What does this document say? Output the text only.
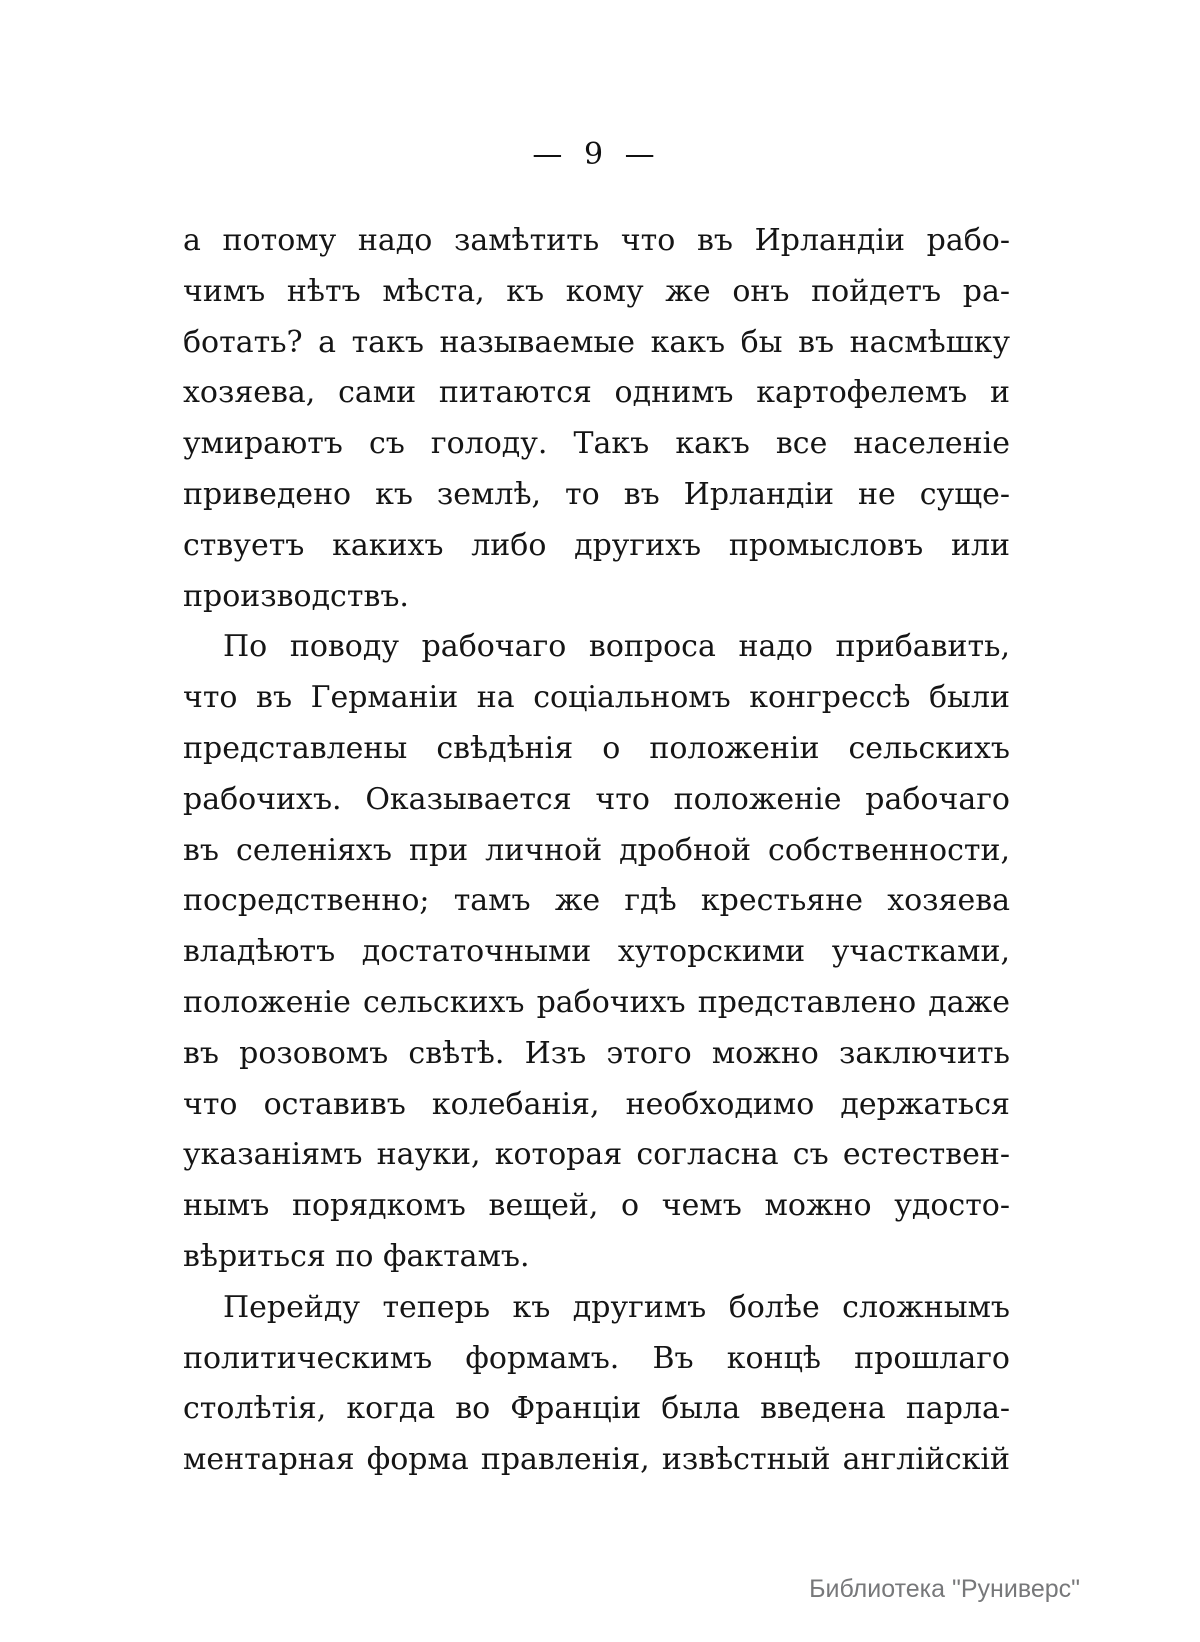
— 9 —
а потому надо замѣтить что въ Ирландіи рабо-
чимъ нѣтъ мѣста, къ кому же онъ пойдетъ ра-
ботать? а такъ называемые какъ бы въ насмѣшку
хозяева, сами питаются однимъ картофелемъ и
умираютъ съ голоду. Такъ какъ все населеніе
приведено къ землѣ, то въ Ирландіи не суще-
ствуетъ какихъ либо другихъ промысловъ или
производствъ.
По поводу рабочаго вопроса надо прибавить,
что въ Германіи на соціальномъ конгрессѣ были
представлены свѣдѣнія о положеніи сельскихъ
рабочихъ. Оказывается что положеніе рабочаго
въ селеніяхъ при личной дробной собственности,
посредственно; тамъ же гдѣ крестьяне хозяева
владѣютъ достаточными хуторскими участками,
положеніе сельскихъ рабочихъ представлено даже
въ розовомъ свѣтѣ. Изъ этого можно заключить
что оставивъ колебанія, необходимо держаться
указаніямъ науки, которая согласна съ естествен-
нымъ порядкомъ вещей, о чемъ можно удосто-
вѣриться по фактамъ.
Перейду теперь къ другимъ болѣе сложнымъ
политическимъ формамъ. Въ концѣ прошлаго
столѣтія, когда во Франціи была введена парла-
ментарная форма правленія, извѣстный англійскій
Библиотека "Руниверс"
